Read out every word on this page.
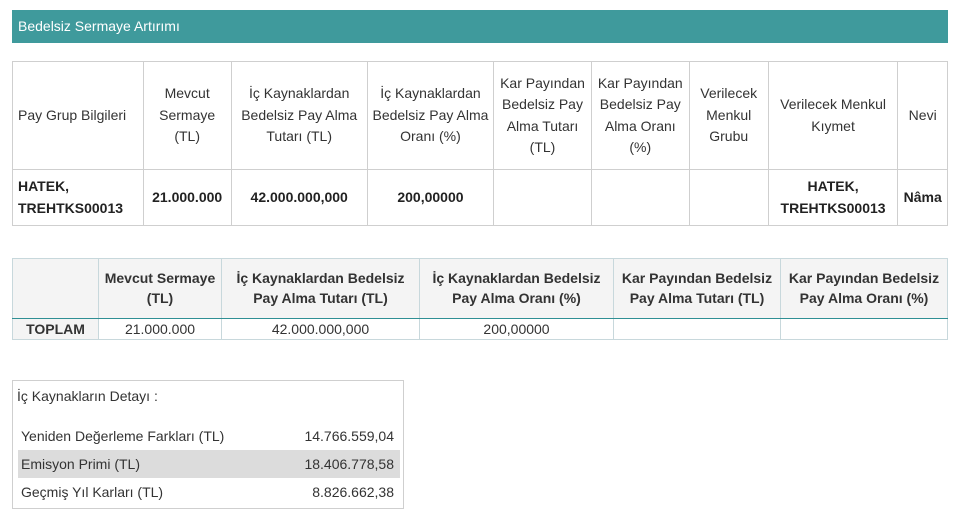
Bedelsiz Sermaye Artırımı
Pay Grup Bilgileri	Mevcut Sermaye (TL)	İç Kaynaklardan Bedelsiz Pay Alma Tutarı (TL)	İç Kaynaklardan Bedelsiz Pay Alma Oranı (%)	Kar Payından Bedelsiz Pay Alma Tutarı (TL)	Kar Payından Bedelsiz Pay Alma Oranı (%)	Verilecek Menkul Grubu	Verilecek Menkul Kıymet	Nevi
HATEK, TREHTKS00013	21.000.000	42.000.000,000	200,00000				HATEK, TREHTKS00013	Nâma
	Mevcut Sermaye (TL)	İç Kaynaklardan Bedelsiz Pay Alma Tutarı (TL)	İç Kaynaklardan Bedelsiz Pay Alma Oranı (%)	Kar Payından Bedelsiz Pay Alma Tutarı (TL)	Kar Payından Bedelsiz Pay Alma Oranı (%)
TOPLAM	21.000.000	42.000.000,000	200,00000		
İç Kaynakların Detayı :
Yeniden Değerleme Farkları (TL)	14.766.559,04
Emisyon Primi (TL)	18.406.778,58
Geçmiş Yıl Karları (TL)	8.826.662,38
